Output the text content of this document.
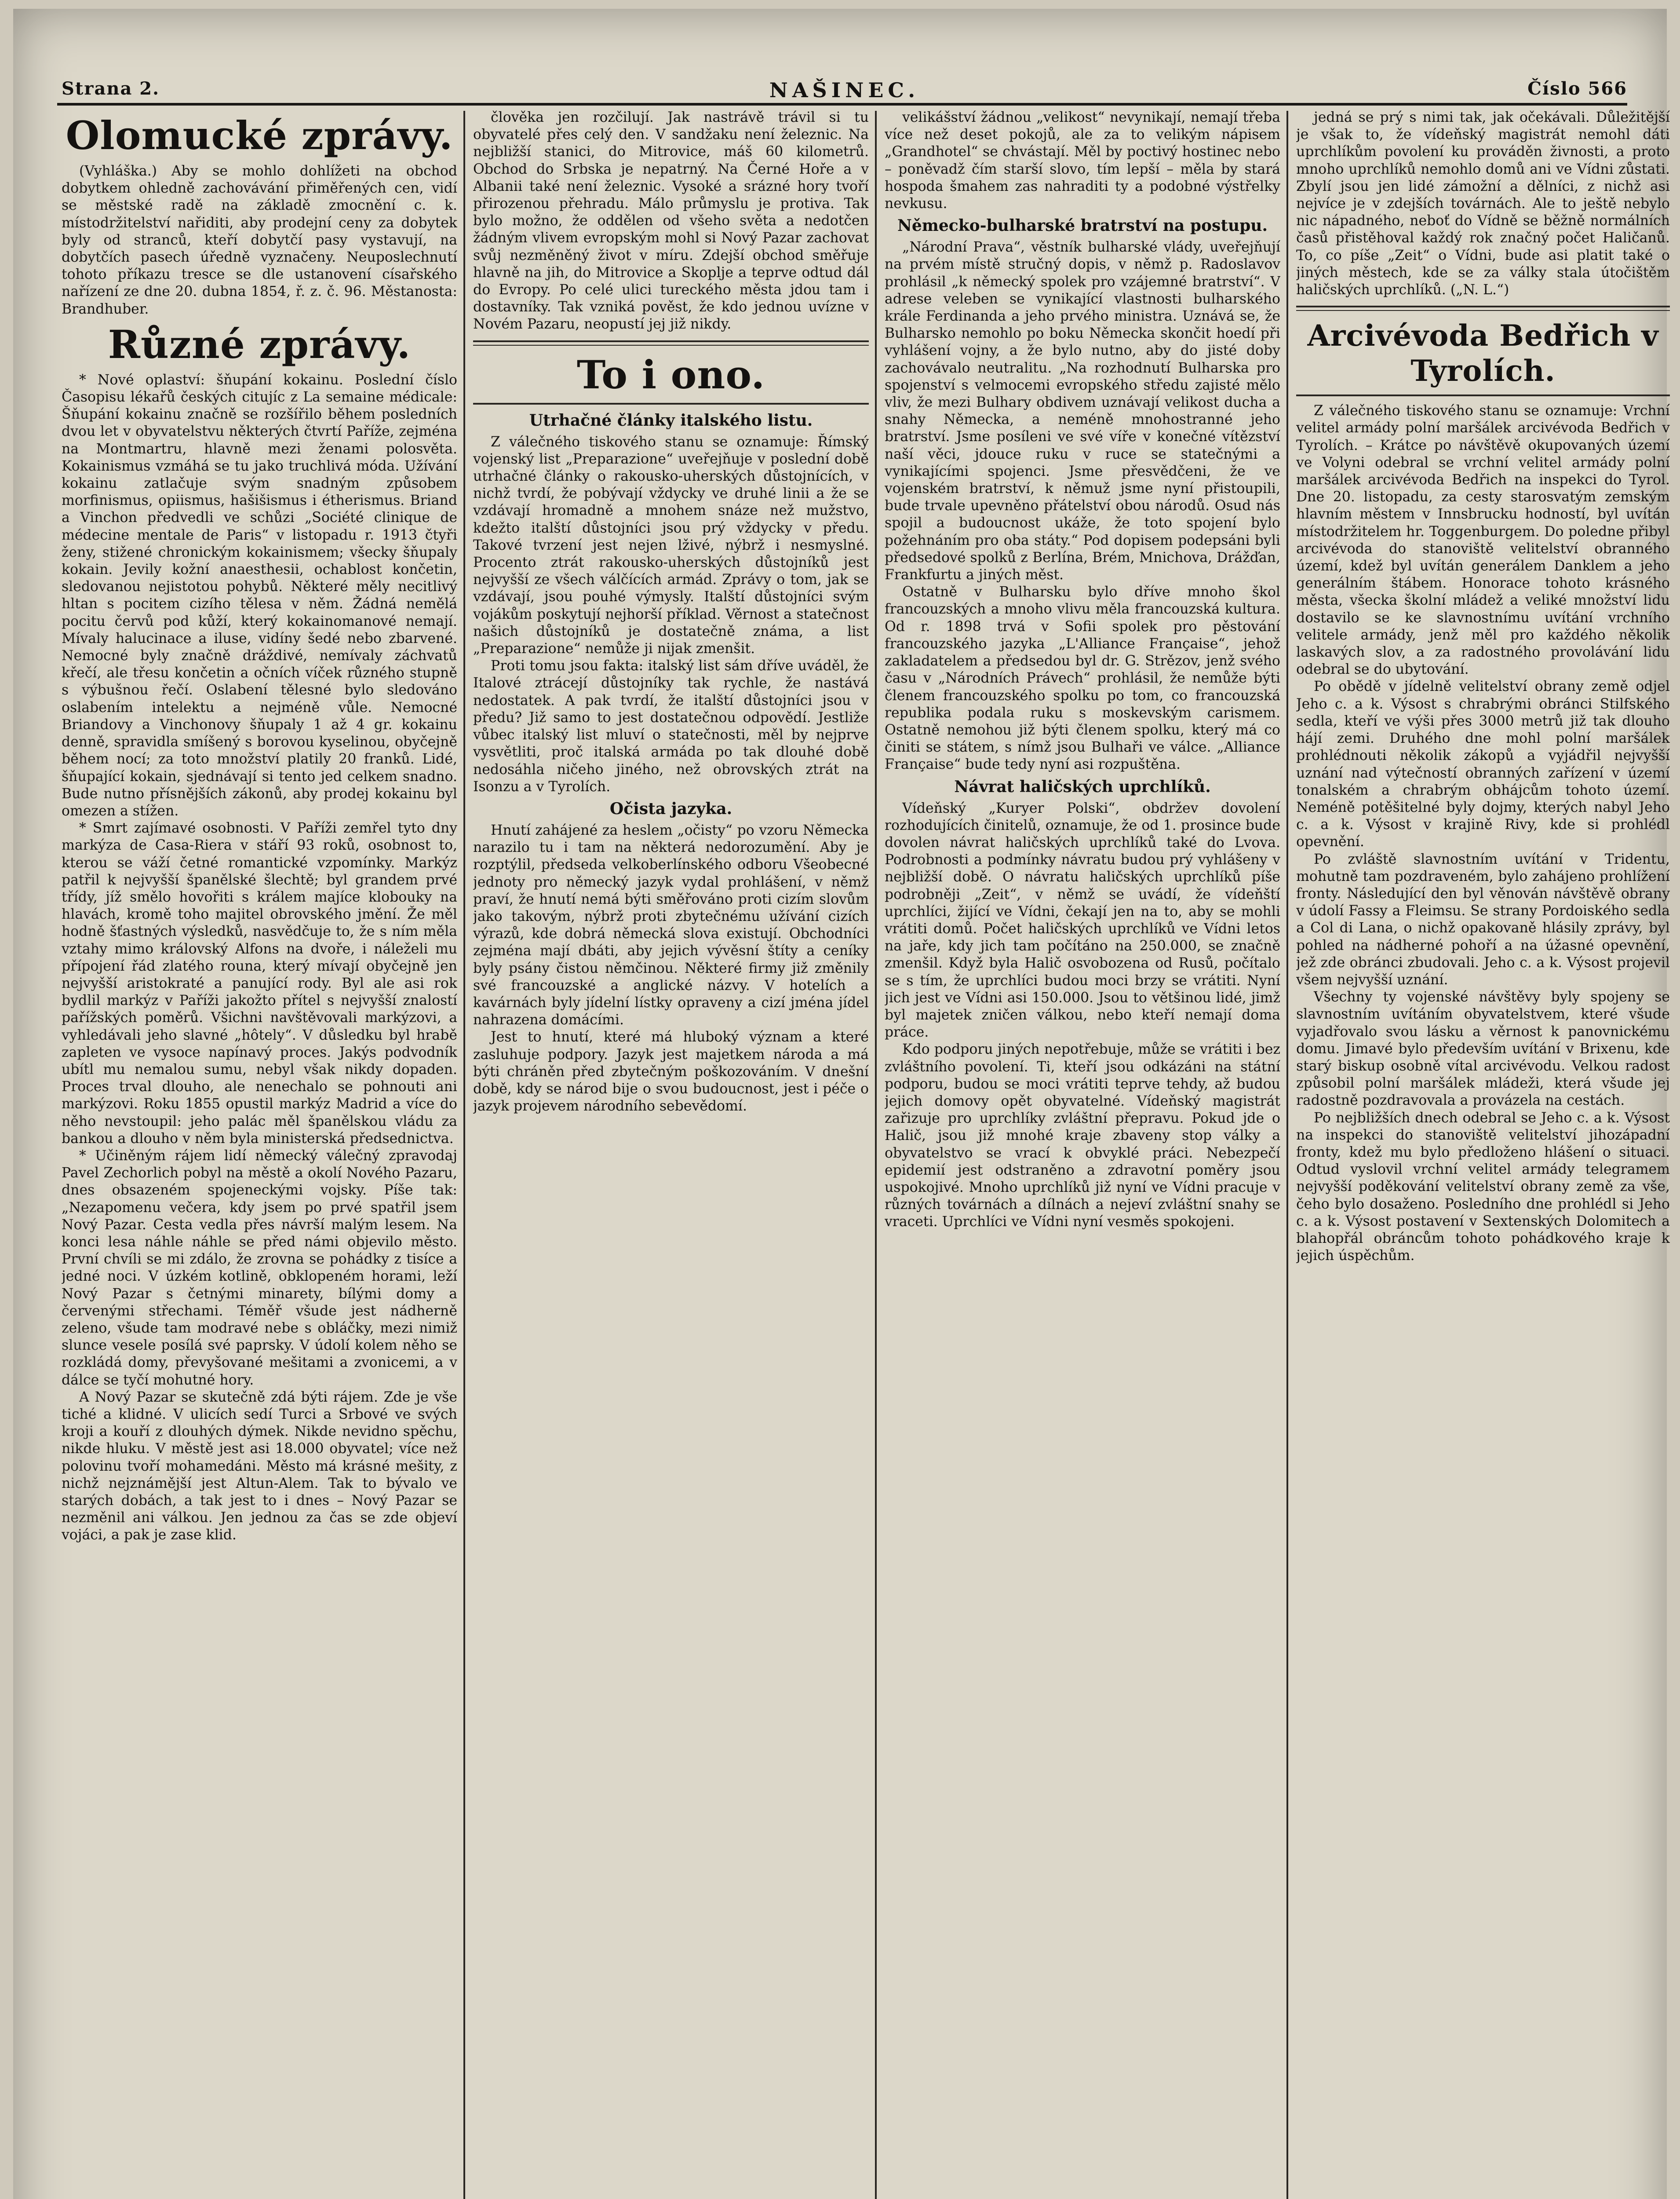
Strana 2.	NAŠINEC.	Číslo 566
Olomucké zprávy.

(Vyhláška.) Aby se mohlo dohlížeti na obchod dobytkem ohledně zachovávání přiměřených cen, vidí se městské radě na základě zmocnění c. k. místodržitelství nařiditi, aby prodejní ceny za dobytek byly od stranců, kteří dobytčí pasy vystavují, na dobytčích pasech úředně vyznačeny. Neuposlechnutí tohoto příkazu tresce se dle ustanovení císařského nařízení ze dne 20. dubna 1854, ř. z. č. 96. Městanosta: Brandhuber.

Různé zprávy.

* Nové oplaství: šňupání kokainu. Poslední číslo Časopisu lékařů českých citujíc z La semaine médicale: Šňupání kokainu značně se rozšířilo během posledních dvou let v obyvatelstvu některých čtvrtí Paříže, zejména na Montmartru, hlavně mezi ženami polosvěta. Kokainismus vzmáhá se tu jako truchlivá móda. Užívání kokainu zatlačuje svým snadným způsobem morfinismus, opiismus, hašišismus i étherismus. Briand a Vinchon předvedli ve schůzi „Société clinique de médecine mentale de Paris“ v listopadu r. 1913 čtyři ženy, stižené chronickým kokainismem; všecky šňupaly kokain. Jevily kožní anaesthesii, ochablost končetin, sledovanou nejistotou pohybů. Některé měly necitlivý hltan s pocitem cizího tělesa v něm. Žádná nemělá pocitu červů pod kůží, který kokainomanové nemají. Mívaly halucinace a iluse, vidíny šedé nebo zbarvené. Nemocné byly značně dráždivé, nemívaly záchvatů křečí, ale třesu končetin a očních víček různého stupně s výbušnou řečí. Oslabení tělesné bylo sledováno oslabením intelektu a nejméně vůle. Nemocné Briandovy a Vinchonovy šňupaly 1 až 4 gr. kokainu denně, spravidla smíšený s borovou kyselinou, obyčejně během nocí; za toto množství platily 20 franků. Lidé, šňupající kokain, sjednávají si tento jed celkem snadno. Bude nutno přísnějších zákonů, aby prodej kokainu byl omezen a stížen.

* Smrt zajímavé osobnosti. V Paříži zemřel tyto dny markýza de Casa-Riera v stáří 93 roků, osobnost to, kterou se váží četné romantické vzpomínky. Markýz patřil k nejvyšší španělské šlechtě; byl grandem prvé třídy, jíž smělo hovořiti s králem majíce klobouky na hlavách, kromě toho majitel obrovského jmění. Že měl hodně šťastných výsledků, nasvědčuje to, že s ním měla vztahy mimo královský Alfons na dvoře, i náleželi mu přípojení řád zlatého rouna, který mívají obyčejně jen nejvyšší aristokraté a panující rody. Byl ale asi rok bydlil markýz v Paříži jakožto přítel s nejvyšší znalostí pařížských poměrů. Všichni navštěvovali markýzovi, a vyhledávali jeho slavné „hôtely“. V důsledku byl hrabě zapleten ve vysoce napínavý proces. Jakýs podvodník ubítl mu nemalou sumu, nebyl však nikdy dopaden. Proces trval dlouho, ale nenechalo se pohnouti ani markýzovi. Roku 1855 opustil markýz Madrid a více do něho nevstoupil: jeho palác měl španělskou vládu za bankou a dlouho v něm byla ministerská předsednictva.

* Učiněným rájem lidí německý válečný zpravodaj Pavel Zechorlich pobyl na městě a okolí Nového Pazaru, dnes obsazeném spojeneckými vojsky. Píše tak: „Nezapomenu večera, kdy jsem po prvé spatřil jsem Nový Pazar. Cesta vedla přes návrší malým lesem. Na konci lesa náhle náhle se před námi objevilo město. První chvíli se mi zdálo, že zrovna se pohádky z tisíce a jedné noci. V úzkém kotlině, obklopeném horami, leží Nový Pazar s četnými minarety, bílými domy a červenými střechami. Téměř všude jest nádherně zeleno, všude tam modravé nebe s obláčky, mezi nimiž slunce vesele posílá své paprsky. V údolí kolem něho se rozkládá domy, převyšované mešitami a zvonicemi, a v dálce se tyčí mohutné hory.

A Nový Pazar se skutečně zdá býti rájem. Zde je vše tiché a klidné. V ulicích sedí Turci a Srbové ve svých kroji a kouří z dlouhých dýmek. Nikde nevidno spěchu, nikde hluku. V městě jest asi 18.000 obyvatel; více než polovinu tvoří mohamedáni. Město má krásné mešity, z nichž nejznámější jest Altun-Alem. Tak to bývalo ve starých dobách, a tak jest to i dnes – Nový Pazar se nezměnil ani válkou. Jen jednou za čas se zde objeví vojáci, a pak je zase klid.

člověka jen rozčilují. Jak nastrávě trávil si tu obyvatelé přes celý den. V sandžaku není železnic. Na nejbližší stanici, do Mitrovice, máš 60 kilometrů. Obchod do Srbska je nepatrný. Na Černé Hoře a v Albanii také není železnic. Vysoké a srázné hory tvoří přirozenou přehradu. Málo průmyslu je protiva. Tak bylo možno, že oddělen od všeho světa a nedotčen žádným vlivem evropským mohl si Nový Pazar zachovat svůj nezměněný život v míru. Zdejší obchod směřuje hlavně na jih, do Mitrovice a Skoplje a teprve odtud dál do Evropy. Po celé ulici tureckého města jdou tam i dostavníky. Tak vzniká pověst, že kdo jednou uvízne v Novém Pazaru, neopustí jej již nikdy.

To i ono.
Utrhačné články italského listu.

Z válečného tiskového stanu se oznamuje: Římský vojenský list „Preparazione“ uveřejňuje v poslední době utrhačné články o rakousko-uherských důstojnících, v nichž tvrdí, že pobývají vždycky ve druhé linii a že se vzdávají hromadně a mnohem snáze než mužstvo, kdežto italští důstojníci jsou prý vždycky v předu. Takové tvrzení jest nejen lživé, nýbrž i nesmyslné. Procento ztrát rakousko-uherských důstojníků jest nejvyšší ze všech válčících armád. Zprávy o tom, jak se vzdávají, jsou pouhé výmysly. Italští důstojníci svým vojákům poskytují nejhorší příklad. Věrnost a statečnost našich důstojníků je dostatečně známa, a list „Preparazione“ nemůže ji nijak zmenšit.

Proti tomu jsou fakta: italský list sám dříve uváděl, že Italové ztrácejí důstojníky tak rychle, že nastává nedostatek. A pak tvrdí, že italští důstojníci jsou v předu? Již samo to jest dostatečnou odpovědí. Jestliže vůbec italský list mluví o statečnosti, měl by nejprve vysvětliti, proč italská armáda po tak dlouhé době nedosáhla ničeho jiného, než obrovských ztrát na Isonzu a v Tyrolích.

Očista jazyka.

Hnutí zahájené za heslem „očisty“ po vzoru Německa narazilo tu i tam na některá nedorozumění. Aby je rozptýlil, předseda velkoberlínského odboru Všeobecné jednoty pro německý jazyk vydal prohlášení, v němž praví, že hnutí nemá býti směřováno proti cizím slovům jako takovým, nýbrž proti zbytečnému užívání cizích výrazů, kde dobrá německá slova existují. Obchodníci zejména mají dbáti, aby jejich vývěsní štíty a ceníky byly psány čistou němčinou. Některé firmy již změnily své francouzské a anglické názvy. V hotelích a kavárnách byly jídelní lístky opraveny a cizí jména jídel nahrazena domácími.

Jest to hnutí, které má hluboký význam a které zasluhuje podpory. Jazyk jest majetkem národa a má býti chráněn před zbytečným poškozováním. V dnešní době, kdy se národ bije o svou budoucnost, jest i péče o jazyk projevem národního sebevědomí.

velikášství žádnou „velikost“ nevynikají, nemají třeba více než deset pokojů, ale za to velikým nápisem „Grandhotel“ se chvástají. Měl by poctivý hostinec nebo – poněvadž čím starší slovo, tím lepší – měla by stará hospoda šmahem zas nahraditi ty a podobné výstřelky nevkusu.

Německo-bulharské bratrství na postupu.

„Národní Prava“, věstník bulharské vlády, uveřejňují na prvém místě stručný dopis, v němž p. Radoslavov prohlásil „k německý spolek pro vzájemné bratrství“. V adrese veleben se vynikající vlastnosti bulharského krále Ferdinanda a jeho prvého ministra. Uznává se, že Bulharsko nemohlo po boku Německa skončit hoedí při vyhlášení vojny, a že bylo nutno, aby do jisté doby zachovávalo neutralitu. „Na rozhodnutí Bulharska pro spojenství s velmocemi evropského středu zajisté mělo vliv, že mezi Bulhary obdivem uznávají velikost ducha a snahy Německa, a neméně mnohostranné jeho bratrství. Jsme posíleni ve své víře v konečné vítězství naší věci, jdouce ruku v ruce se statečnými a vynikajícími spojenci. Jsme přesvědčeni, že ve vojenském bratrství, k němuž jsme nyní přistoupili, bude trvale upevněno přátelství obou národů. Osud nás spojil a budoucnost ukáže, že toto spojení bylo požehnáním pro oba státy.“ Pod dopisem podepsáni byli předsedové spolků z Berlína, Brém, Mnichova, Drážďan, Frankfurtu a jiných měst.

Ostatně v Bulharsku bylo dříve mnoho škol francouzských a mnoho vlivu měla francouzská kultura. Od r. 1898 trvá v Sofii spolek pro pěstování francouzského jazyka „L'Alliance Française“, jehož zakladatelem a předsedou byl dr. G. Strězov, jenž svého času v „Národních Právech“ prohlásil, že nemůže býti členem francouzského spolku po tom, co francouzská republika podala ruku s moskevským carismem. Ostatně nemohou již býti členem spolku, který má co činiti se státem, s nímž jsou Bulhaři ve válce. „Alliance Française“ bude tedy nyní asi rozpuštěna.

Návrat haličských uprchlíků.

Vídeňský „Kuryer Polski“, obdržev dovolení rozhodujících činitelů, oznamuje, že od 1. prosince bude dovolen návrat haličských uprchlíků také do Lvova. Podrobnosti a podmínky návratu budou prý vyhlášeny v nejbližší době. O návratu haličských uprchlíků píše podrobněji „Zeit“, v němž se uvádí, že vídeňští uprchlíci, žijící ve Vídni, čekají jen na to, aby se mohli vrátiti domů. Počet haličských uprchlíků ve Vídni letos na jaře, kdy jich tam počítáno na 250.000, se značně zmenšil. Když byla Halič osvobozena od Rusů, počítalo se s tím, že uprchlíci budou moci brzy se vrátiti. Nyní jich jest ve Vídni asi 150.000. Jsou to většinou lidé, jimž byl majetek zničen válkou, nebo kteří nemají doma práce.

Kdo podporu jiných nepotřebuje, může se vrátiti i bez zvláštního povolení. Ti, kteří jsou odkázáni na státní podporu, budou se moci vrátiti teprve tehdy, až budou jejich domovy opět obyvatelné. Vídeňský magistrát zařizuje pro uprchlíky zvláštní přepravu. Pokud jde o Halič, jsou již mnohé kraje zbaveny stop války a obyvatelstvo se vrací k obvyklé práci. Nebezpečí epidemií jest odstraněno a zdravotní poměry jsou uspokojivé. Mnoho uprchlíků již nyní ve Vídni pracuje v různých továrnách a dílnách a nejeví zvláštní snahy se vraceti. Uprchlíci ve Vídni nyní vesměs spokojeni.

jedná se prý s nimi tak, jak očekávali. Důležitější je však to, že vídeňský magistrát nemohl dáti uprchlíkům povolení ku prováděn živnosti, a proto mnoho uprchlíků nemohlo domů ani ve Vídni zůstati. Zbylí jsou jen lidé zámožní a dělníci, z nichž asi nejvíce je v zdejších továrnách. Ale to ještě nebylo nic nápadného, neboť do Vídně se běžně normálních časů přistěhoval každý rok značný počet Haličanů. To, co píše „Zeit“ o Vídni, bude asi platit také o jiných městech, kde se za války stala útočištěm haličských uprchlíků. („N. L.“)

Arcivévoda Bedřich v Tyrolích.

Z válečného tiskového stanu se oznamuje: Vrchní velitel armády polní maršálek arcivévoda Bedřich v Tyrolích. – Krátce po návštěvě okupovaných území ve Volyni odebral se vrchní velitel armády polní maršálek arcivévoda Bedřich na inspekci do Tyrol. Dne 20. listopadu, za cesty starosvatým zemským hlavním městem v Innsbrucku hodností, byl uvítán místodržitelem hr. Toggenburgem. Do poledne přibyl arcivévoda do stanoviště velitelství obranného území, kdež byl uvítán generálem Danklem a jeho generálním štábem. Honorace tohoto krásného města, všecka školní mládež a veliké množství lidu dostavilo se ke slavnostnímu uvítání vrchního velitele armády, jenž měl pro každého několik laskavých slov, a za radostného provolávání lidu odebral se do ubytování.

Po obědě v jídelně velitelství obrany země odjel Jeho c. a k. Výsost s chrabrými obránci Stilfského sedla, kteří ve výši přes 3000 metrů již tak dlouho hájí zemi. Druhého dne mohl polní maršálek prohlédnouti několik zákopů a vyjádřil nejvyšší uznání nad výtečností obranných zařízení v území tonalském a chrabrým obhájcům tohoto území. Neméně potěšitelné byly dojmy, kterých nabyl Jeho c. a k. Výsost v krajině Rivy, kde si prohlédl opevnění.

Po zvláště slavnostním uvítání v Tridentu, mohutně tam pozdraveném, bylo zahájeno prohlížení fronty. Následující den byl věnován návštěvě obrany v údolí Fassy a Fleimsu. Se strany Pordoiského sedla a Col di Lana, o nichž opakovaně hlásily zprávy, byl pohled na nádherné pohoří a na úžasné opevnění, jež zde obránci zbudovali. Jeho c. a k. Výsost projevil všem nejvyšší uznání.

Všechny ty vojenské návštěvy byly spojeny se slavnostním uvítáním obyvatelstvem, které všude vyjadřovalo svou lásku a věrnost k panovnickému domu. Jimavé bylo především uvítání v Brixenu, kde starý biskup osobně vítal arcivévodu. Velkou radost způsobil polní maršálek mládeži, která všude jej radostně pozdravovala a provázela na cestách.

Po nejbližších dnech odebral se Jeho c. a k. Výsost na inspekci do stanoviště velitelství jihozápadní fronty, kdež mu bylo předloženo hlášení o situaci. Odtud vyslovil vrchní velitel armády telegramem nejvyšší poděkování velitelství obrany země za vše, čeho bylo dosaženo. Posledního dne prohlédl si Jeho c. a k. Výsost postavení v Sextenských Dolomitech a blahopřál obráncům tohoto pohádkového kraje k jejich úspěchům.
